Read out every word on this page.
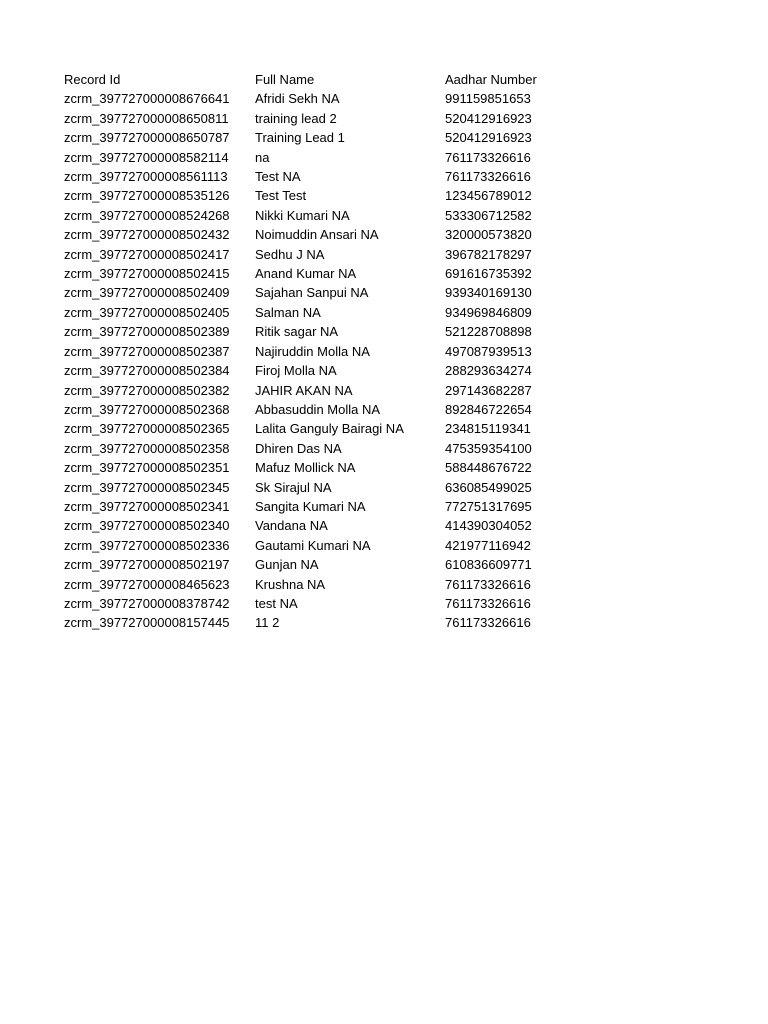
Record Id	Full Name	Aadhar Number
zcrm_397727000008676641	Afridi Sekh NA	991159851653
zcrm_397727000008650811	training lead 2	520412916923
zcrm_397727000008650787	Training Lead 1	520412916923
zcrm_397727000008582114	na	761173326616
zcrm_397727000008561113	Test NA	761173326616
zcrm_397727000008535126	Test Test	123456789012
zcrm_397727000008524268	Nikki Kumari NA	533306712582
zcrm_397727000008502432	Noimuddin Ansari NA	320000573820
zcrm_397727000008502417	Sedhu J NA	396782178297
zcrm_397727000008502415	Anand Kumar NA	691616735392
zcrm_397727000008502409	Sajahan Sanpui NA	939340169130
zcrm_397727000008502405	Salman NA	934969846809
zcrm_397727000008502389	Ritik sagar NA	521228708898
zcrm_397727000008502387	Najiruddin Molla NA	497087939513
zcrm_397727000008502384	Firoj Molla NA	288293634274
zcrm_397727000008502382	JAHIR AKAN NA	297143682287
zcrm_397727000008502368	Abbasuddin Molla NA	892846722654
zcrm_397727000008502365	Lalita Ganguly Bairagi NA	234815119341
zcrm_397727000008502358	Dhiren Das NA	475359354100
zcrm_397727000008502351	Mafuz Mollick NA	588448676722
zcrm_397727000008502345	Sk Sirajul NA	636085499025
zcrm_397727000008502341	Sangita Kumari NA	772751317695
zcrm_397727000008502340	Vandana NA	414390304052
zcrm_397727000008502336	Gautami Kumari NA	421977116942
zcrm_397727000008502197	Gunjan NA	610836609771
zcrm_397727000008465623	Krushna NA	761173326616
zcrm_397727000008378742	test NA	761173326616
zcrm_397727000008157445	11 2	761173326616
